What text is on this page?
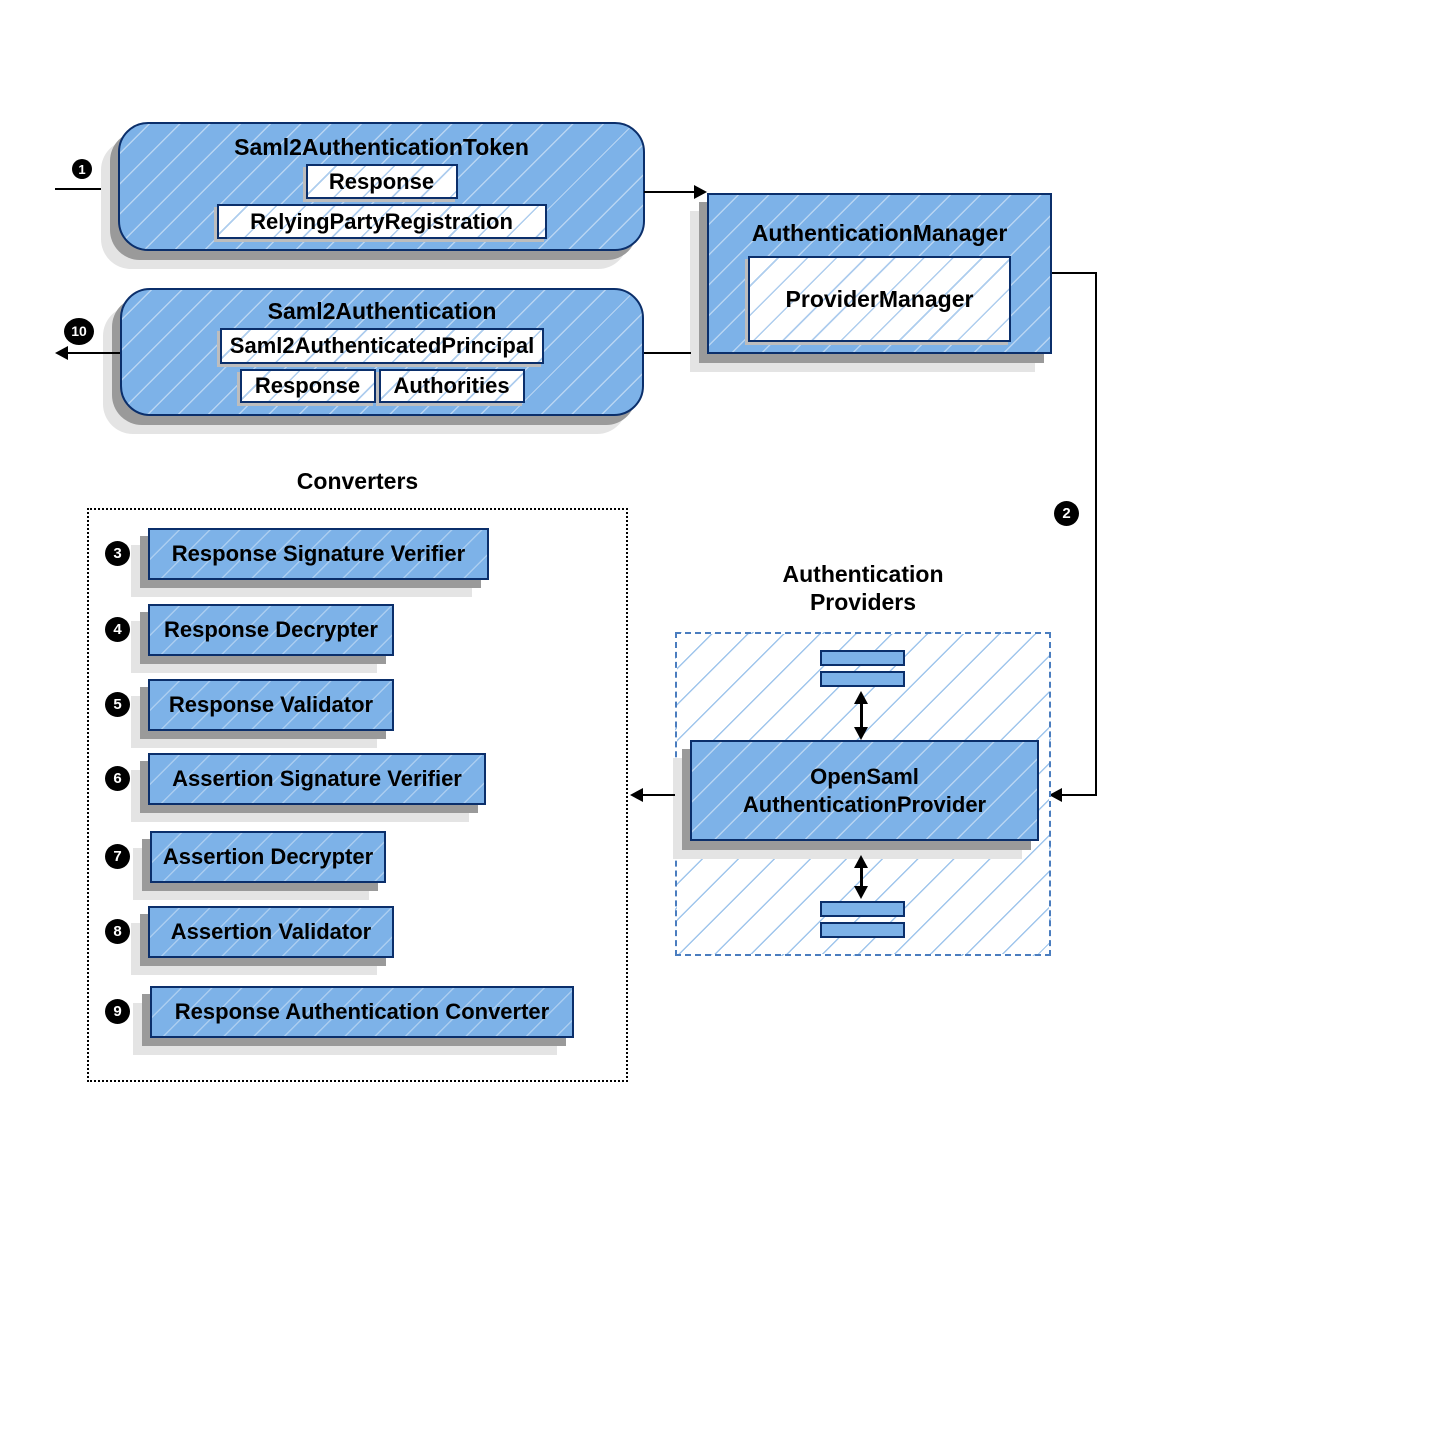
1
Saml2AuthenticationToken
Response
RelyingPartyRegistration	AuthenticationManager
ProviderManager
2
Saml2Authentication
Saml2AuthenticatedPrincipal
Response	Authorities
10
Converters
3	Response Signature Verifier
4	Response Decrypter
5	Response Validator
6	Assertion Signature Verifier
7	Assertion Decrypter
8	Assertion Validator
9	Response Authentication Converter
Authentication
Providers
OpenSaml
AuthenticationProvider
